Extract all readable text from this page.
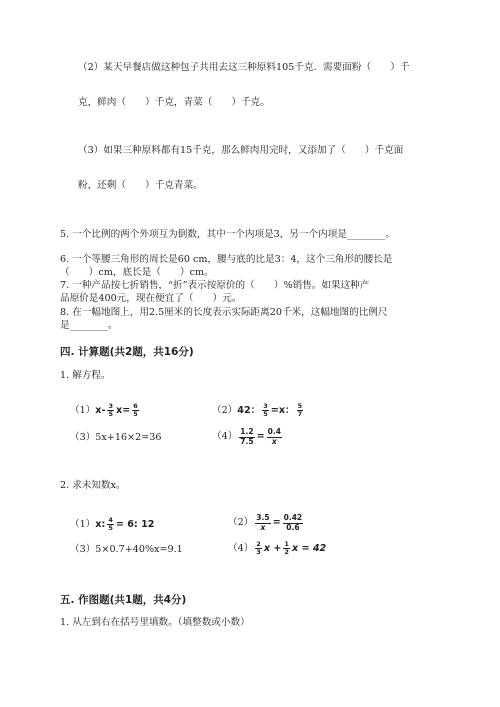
（2）某天早餐店做这种包子共用去这三种原料105千克．需要面粉（　　）千
克，鲜肉（　　）千克，青菜（　　）千克。
（3）如果三种原料都有15千克，那么鲜肉用完时，又添加了（　　）千克面
粉，还剩（　　）千克青菜。
5. 一个比例的两个外项互为倒数，其中一个内项是3，另一个内项是________。
6. 一个等腰三角形的周长是60 cm，腰与底的比是3：4，这个三角形的腰长是
（　　）cm，底长是（　　）cm。
7. 一种产品按七折销售，“折”表示按原价的（　　）%销售。如果这种产
品原价是400元，现在便宜了（　　）元。
8. 在一幅地图上，用2.5厘米的长度表示实际距离20千米，这幅地图的比例尺
是________。
四. 计算题(共2题，共16分)
1. 解方程。
（1） $x- \frac{3}{5} x= \frac{6}{5}$	（2） 42： $\frac{3}{5} =x$： $\frac{5}{7}$
（3） 5x+16×2=36	$(4) \frac{1.2}{7.5} = \frac{0.4}{x}$
2. 求未知数x。
（1） x: $\frac{4}{5} = 6$: 12	$(2) \frac{3.5}{x} = \frac{0.42}{0.6}$
（3） 5×0.7+40%x=9.1	$(4) \frac{2}{3}$ $x + \frac{1}{2}$ x = 42
五. 作图题(共1题，共4分)
1. 从左到右在括号里填数。（填整数或小数）
